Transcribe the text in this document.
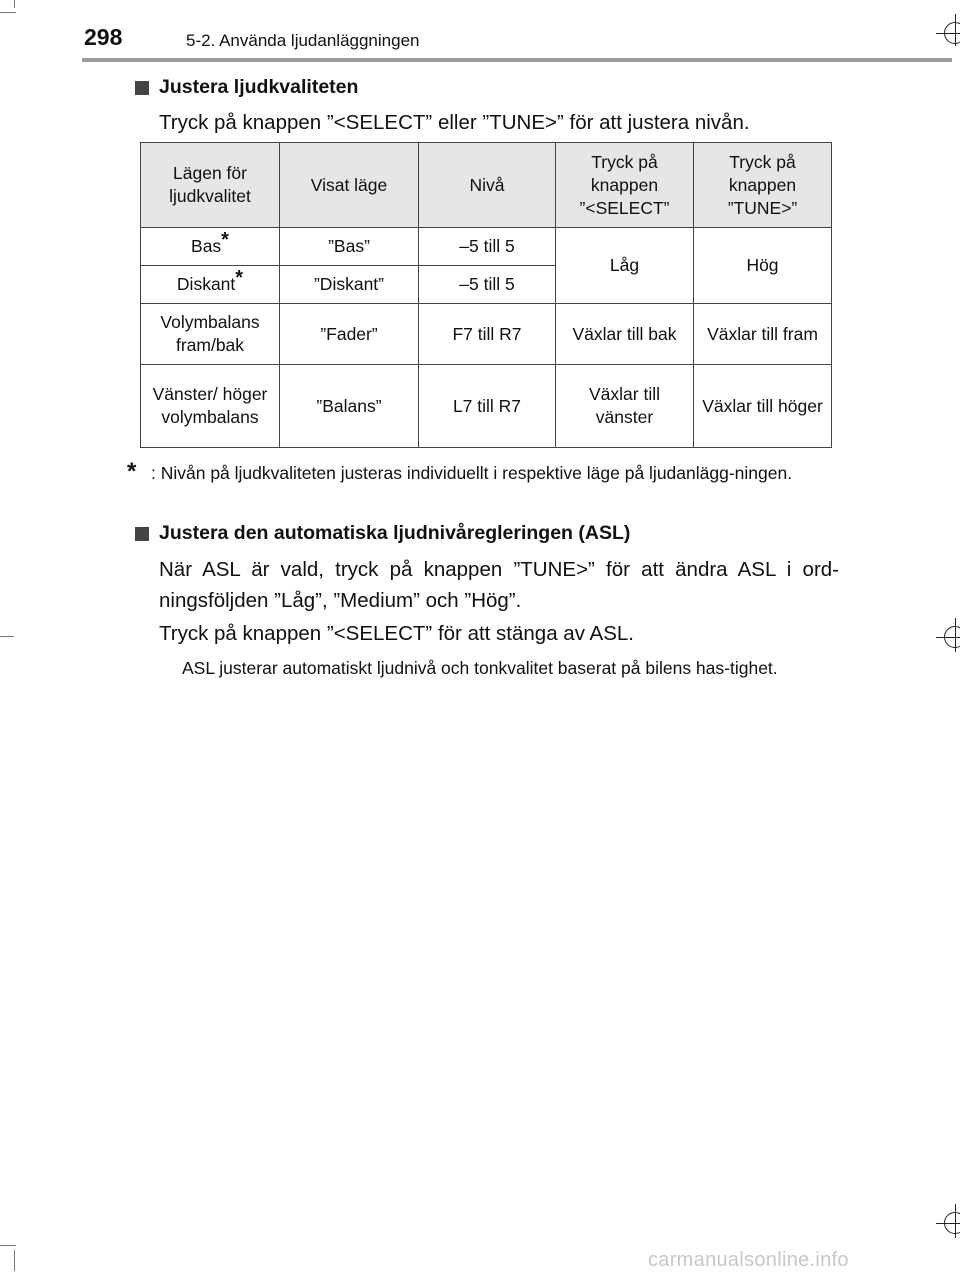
298	5-2. Använda ljudanläggningen
Justera ljudkvaliteten
Tryck på knappen ”<SELECT” eller ”TUNE>” för att justera nivån.
Lägen för ljudkvalitet	Visat läge	Nivå	Tryck på knappen ”<SELECT”	Tryck på knappen ”TUNE>”
Bas*	”Bas”	–5 till 5	Låg	Hög
Diskant*	”Diskant”	–5 till 5		
Volymbalans fram/bak	”Fader”	F7 till R7	Växlar till bak	Växlar till fram
Vänster/ höger volymbalans	”Balans”	L7 till R7	Växlar till vänster	Växlar till höger
* : Nivån på ljudkvaliteten justeras individuellt i respektive läge på ljudanlägg-ningen.
Justera den automatiska ljudnivåregleringen (ASL)
När ASL är vald, tryck på knappen ”TUNE>” för att ändra ASL i ord-ningsföljden ”Låg”, ”Medium” och ”Hög”.
Tryck på knappen ”<SELECT” för att stänga av ASL.
ASL justerar automatiskt ljudnivå och tonkvalitet baserat på bilens has-tighet.
carmanualsonline.info
